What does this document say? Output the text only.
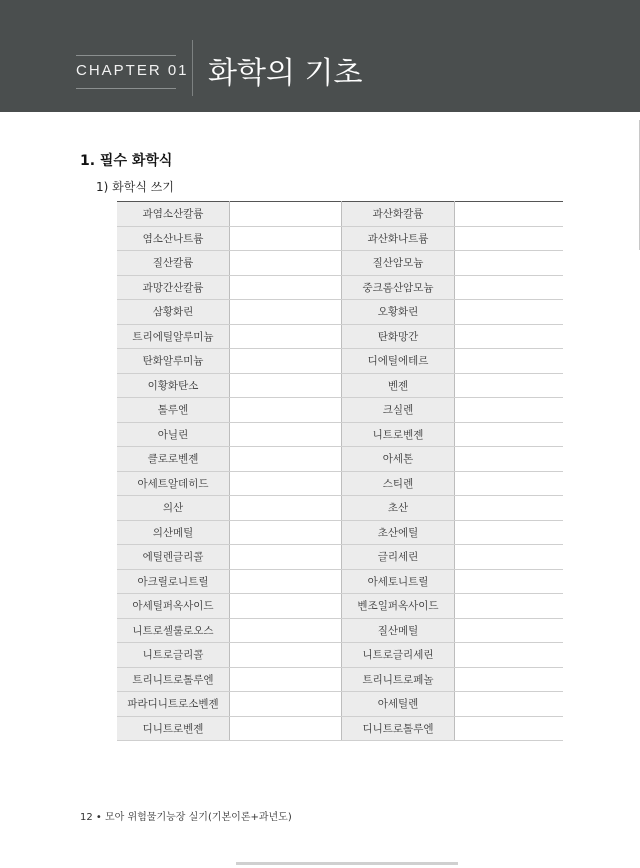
CHAPTER 01 화학의 기초
1. 필수 화학식
1) 화학식 쓰기
과염소산칼륨		과산화칼륨	
염소산나트륨		과산화나트륨	
질산칼륨		질산암모늄	
과망간산칼륨		중크롬산암모늄	
삼황화린		오황화린	
트리에틸알루미늄		탄화망간	
탄화알루미늄		디에틸에테르	
이황화탄소		벤젠	
톨루엔		크실렌	
아닐린		니트로벤젠	
클로로벤젠		아세톤	
아세트알데히드		스티렌	
의산		초산	
의산메틸		초산에틸	
에틸렌글리콜		글리세린	
아크릴로니트릴		아세토니트릴	
아세틸퍼옥사이드		벤조일퍼옥사이드	
니트로셀룰로오스		질산메틸	
니트로글리콜		니트로글리세린	
트리니트로톨루엔		트리니트로페놀	
파라디니트로소벤젠		아세틸렌	
디니트로벤젠		디니트로톨루엔	
12 • 모아 위험물기능장 실기(기본이론+과년도)
